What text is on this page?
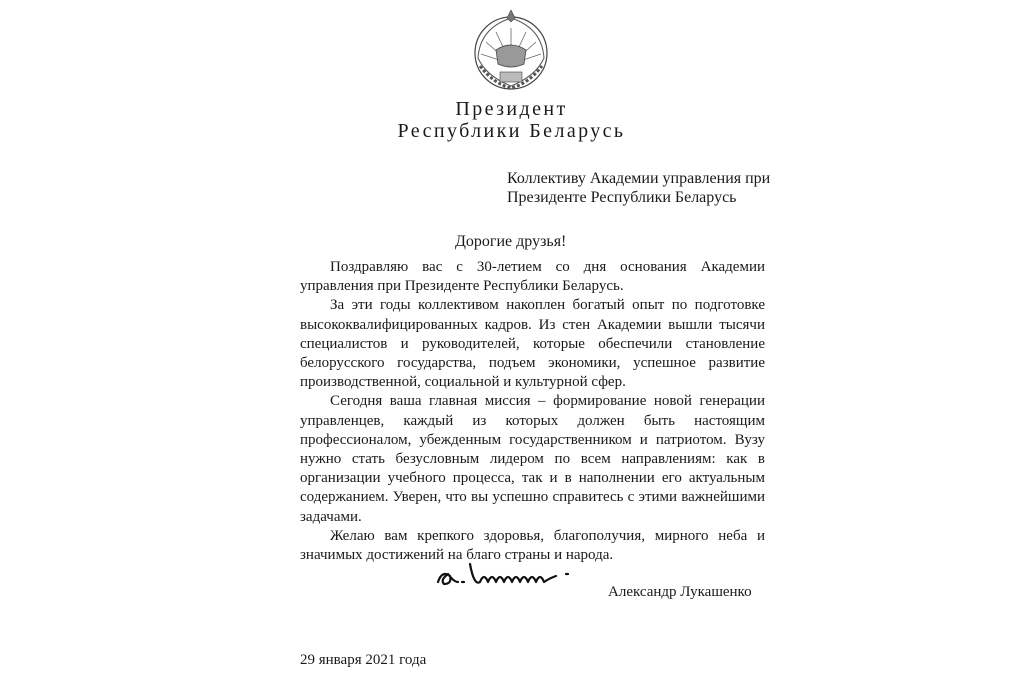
Президент
Республики Беларусь
Коллективу Академии управления при
Президенте Республики Беларусь
Дорогие друзья!

Поздравляю вас с 30-летием со дня основания Академии управления при Президенте Республики Беларусь.

За эти годы коллективом накоплен богатый опыт по подготовке высококвалифицированных кадров. Из стен Академии вышли тысячи специалистов и руководителей, которые обеспечили становление белорусского государства, подъем экономики, успешное развитие производственной, социальной и культурной сфер.

Сегодня ваша главная миссия – формирование новой генерации управленцев, каждый из которых должен быть настоящим профессионалом, убежденным государственником и патриотом. Вузу нужно стать безусловным лидером по всем направлениям: как в организации учебного процесса, так и в наполнении его актуальным содержанием. Уверен, что вы успешно справитесь с этими важнейшими задачами.

Желаю вам крепкого здоровья, благополучия, мирного неба и значимых достижений на благо страны и народа.

Александр Лукашенко
29 января 2021 года
